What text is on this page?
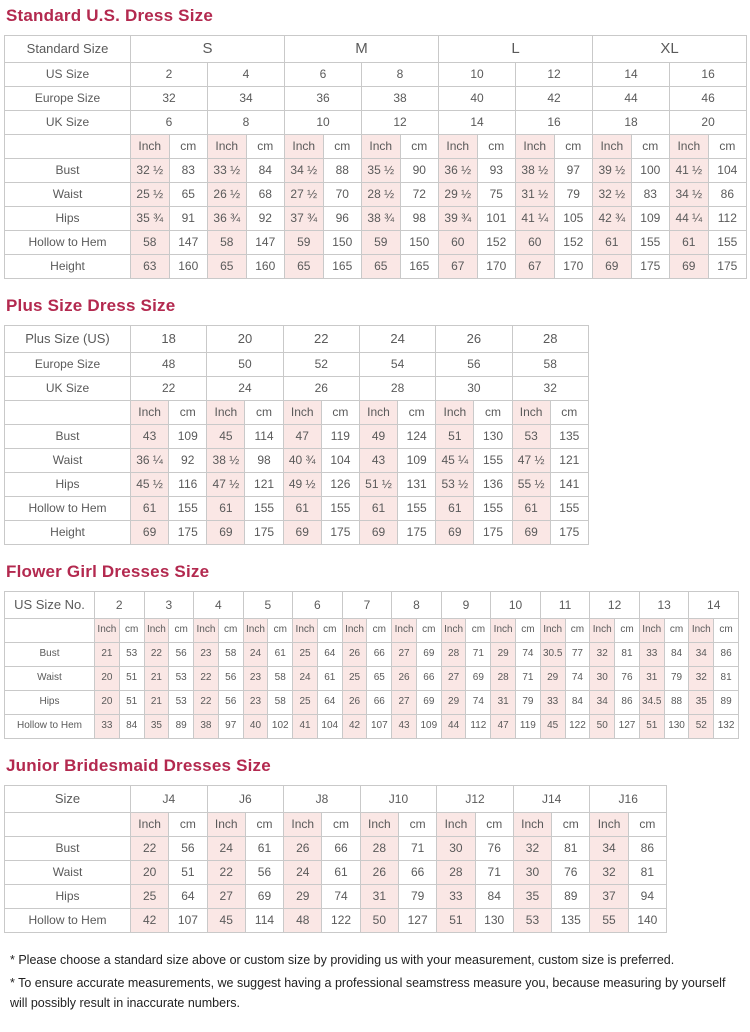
Standard U.S. Dress Size
Standard Size	S				M				L				XL			
US Size	2		4		6		8		10		12		14		16	
Europe Size	32		34		36		38		40		42		44		46	
UK Size	6		8		10		12		14		16		18		20	
	Inch	cm	Inch	cm	Inch	cm	Inch	cm	Inch	cm	Inch	cm	Inch	cm	Inch	cm
Bust	32 ½	83	33 ½	84	34 ½	88	35 ½	90	36 ½	93	38 ½	97	39 ½	100	41 ½	104
Waist	25 ½	65	26 ½	68	27 ½	70	28 ½	72	29 ½	75	31 ½	79	32 ½	83	34 ½	86
Hips	35 ¾	91	36 ¾	92	37 ¾	96	38 ¾	98	39 ¾	101	41 ¼	105	42 ¾	109	44 ¼	112
Hollow to Hem	58	147	58	147	59	150	59	150	60	152	60	152	61	155	61	155
Height	63	160	65	160	65	165	65	165	67	170	67	170	69	175	69	175
Plus Size Dress Size
Plus Size (US)	18		20		22		24		26		28	
Europe Size	48		50		52		54		56		58	
UK Size	22		24		26		28		30		32	
	Inch	cm	Inch	cm	Inch	cm	Inch	cm	Inch	cm	Inch	cm
Bust	43	109	45	114	47	119	49	124	51	130	53	135
Waist	36 ¼	92	38 ½	98	40 ¾	104	43	109	45 ¼	155	47 ½	121
Hips	45 ½	116	47 ½	121	49 ½	126	51 ½	131	53 ½	136	55 ½	141
Hollow to Hem	61	155	61	155	61	155	61	155	61	155	61	155
Height	69	175	69	175	69	175	69	175	69	175	69	175
Flower Girl Dresses Size
US Size No.	2		3		4		5		6		7		8		9		10		11		12		13		14	
	Inch	cm	Inch	cm	Inch	cm	Inch	cm	Inch	cm	Inch	cm	Inch	cm	Inch	cm	Inch	cm	Inch	cm	Inch	cm	Inch	cm	Inch	cm
Bust	21	53	22	56	23	58	24	61	25	64	26	66	27	69	28	71	29	74	30.5	77	32	81	33	84	34	86
Waist	20	51	21	53	22	56	23	58	24	61	25	65	26	66	27	69	28	71	29	74	30	76	31	79	32	81
Hips	20	51	21	53	22	56	23	58	25	64	26	66	27	69	29	74	31	79	33	84	34	86	34.5	88	35	89
Hollow to Hem	33	84	35	89	38	97	40	102	41	104	42	107	43	109	44	112	47	119	45	122	50	127	51	130	52	132
Junior Bridesmaid Dresses Size
Size	J4		J6		J8		J10		J12		J14		J16	
	Inch	cm	Inch	cm	Inch	cm	Inch	cm	Inch	cm	Inch	cm	Inch	cm
Bust	22	56	24	61	26	66	28	71	30	76	32	81	34	86
Waist	20	51	22	56	24	61	26	66	28	71	30	76	32	81
Hips	25	64	27	69	29	74	31	79	33	84	35	89	37	94
Hollow to Hem	42	107	45	114	48	122	50	127	51	130	53	135	55	140

* Please choose a standard size above or custom size by providing us with your measurement, custom size is preferred.

* To ensure accurate measurements, we suggest having a professional seamstress measure you, because measuring by yourself will possibly result in inaccurate numbers.
